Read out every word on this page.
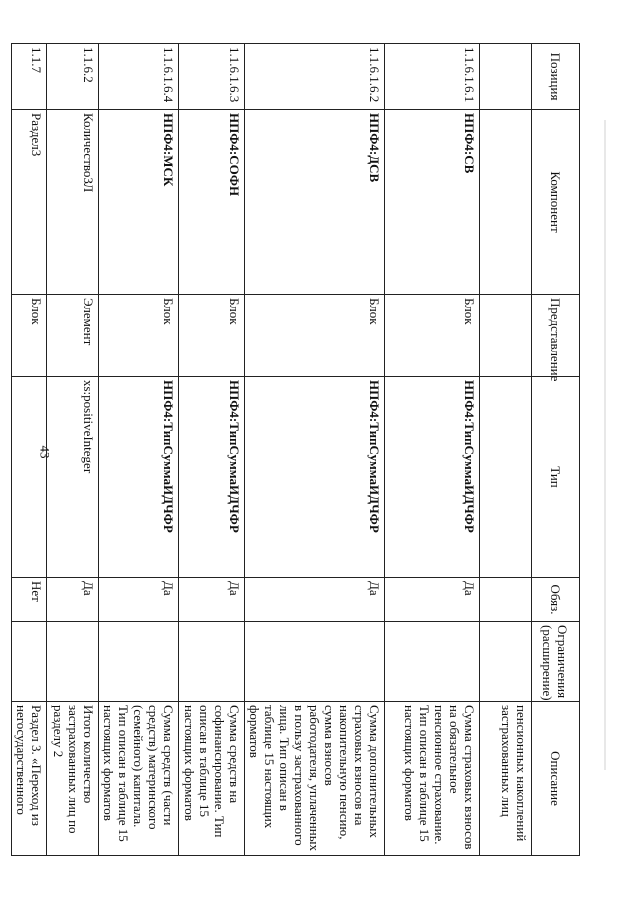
43
Позиция	Компонент	Представление	Тип	Обяз.	Ограничения (расширение)	Описание
						пенсионных накоплений застрахованных лиц
1.1.6.1.6.1	НПФ4:СВ	Блок	НПФ4:ТипСуммаИДЧФР	Да		Сумма страховых взносов на обязательное пенсионное страхование. Тип описан в таблице 15 настоящих форматов
1.1.6.1.6.2	НПФ4:ДСВ	Блок	НПФ4:ТипСуммаИДЧФР	Да		Сумма дополнительных страховых взносов на накопительную пенсию, сумма взносов работодателя, уплаченных в пользу застрахованного лица. Тип описан в таблице 15 настоящих форматов
1.1.6.1.6.3	НПФ4:СОФН	Блок	НПФ4:ТипСуммаИДЧФР	Да		Сумма средств на софинансирование. Тип описан в таблице 15 настоящих форматов
1.1.6.1.6.4	НПФ4:МСК	Блок	НПФ4:ТипСуммаИДЧФР	Да		Сумма средств (части средств) материнского (семейного) капитала. Тип описан в таблице 15 настоящих форматов
1.1.6.2	КоличествоЗЛ	Элемент	xs:positiveInteger	Да		Итого количество застрахованных лиц по разделу 2
1.1.7	Раздел3	Блок		Нет		Раздел 3. «Переход из негосударственного
